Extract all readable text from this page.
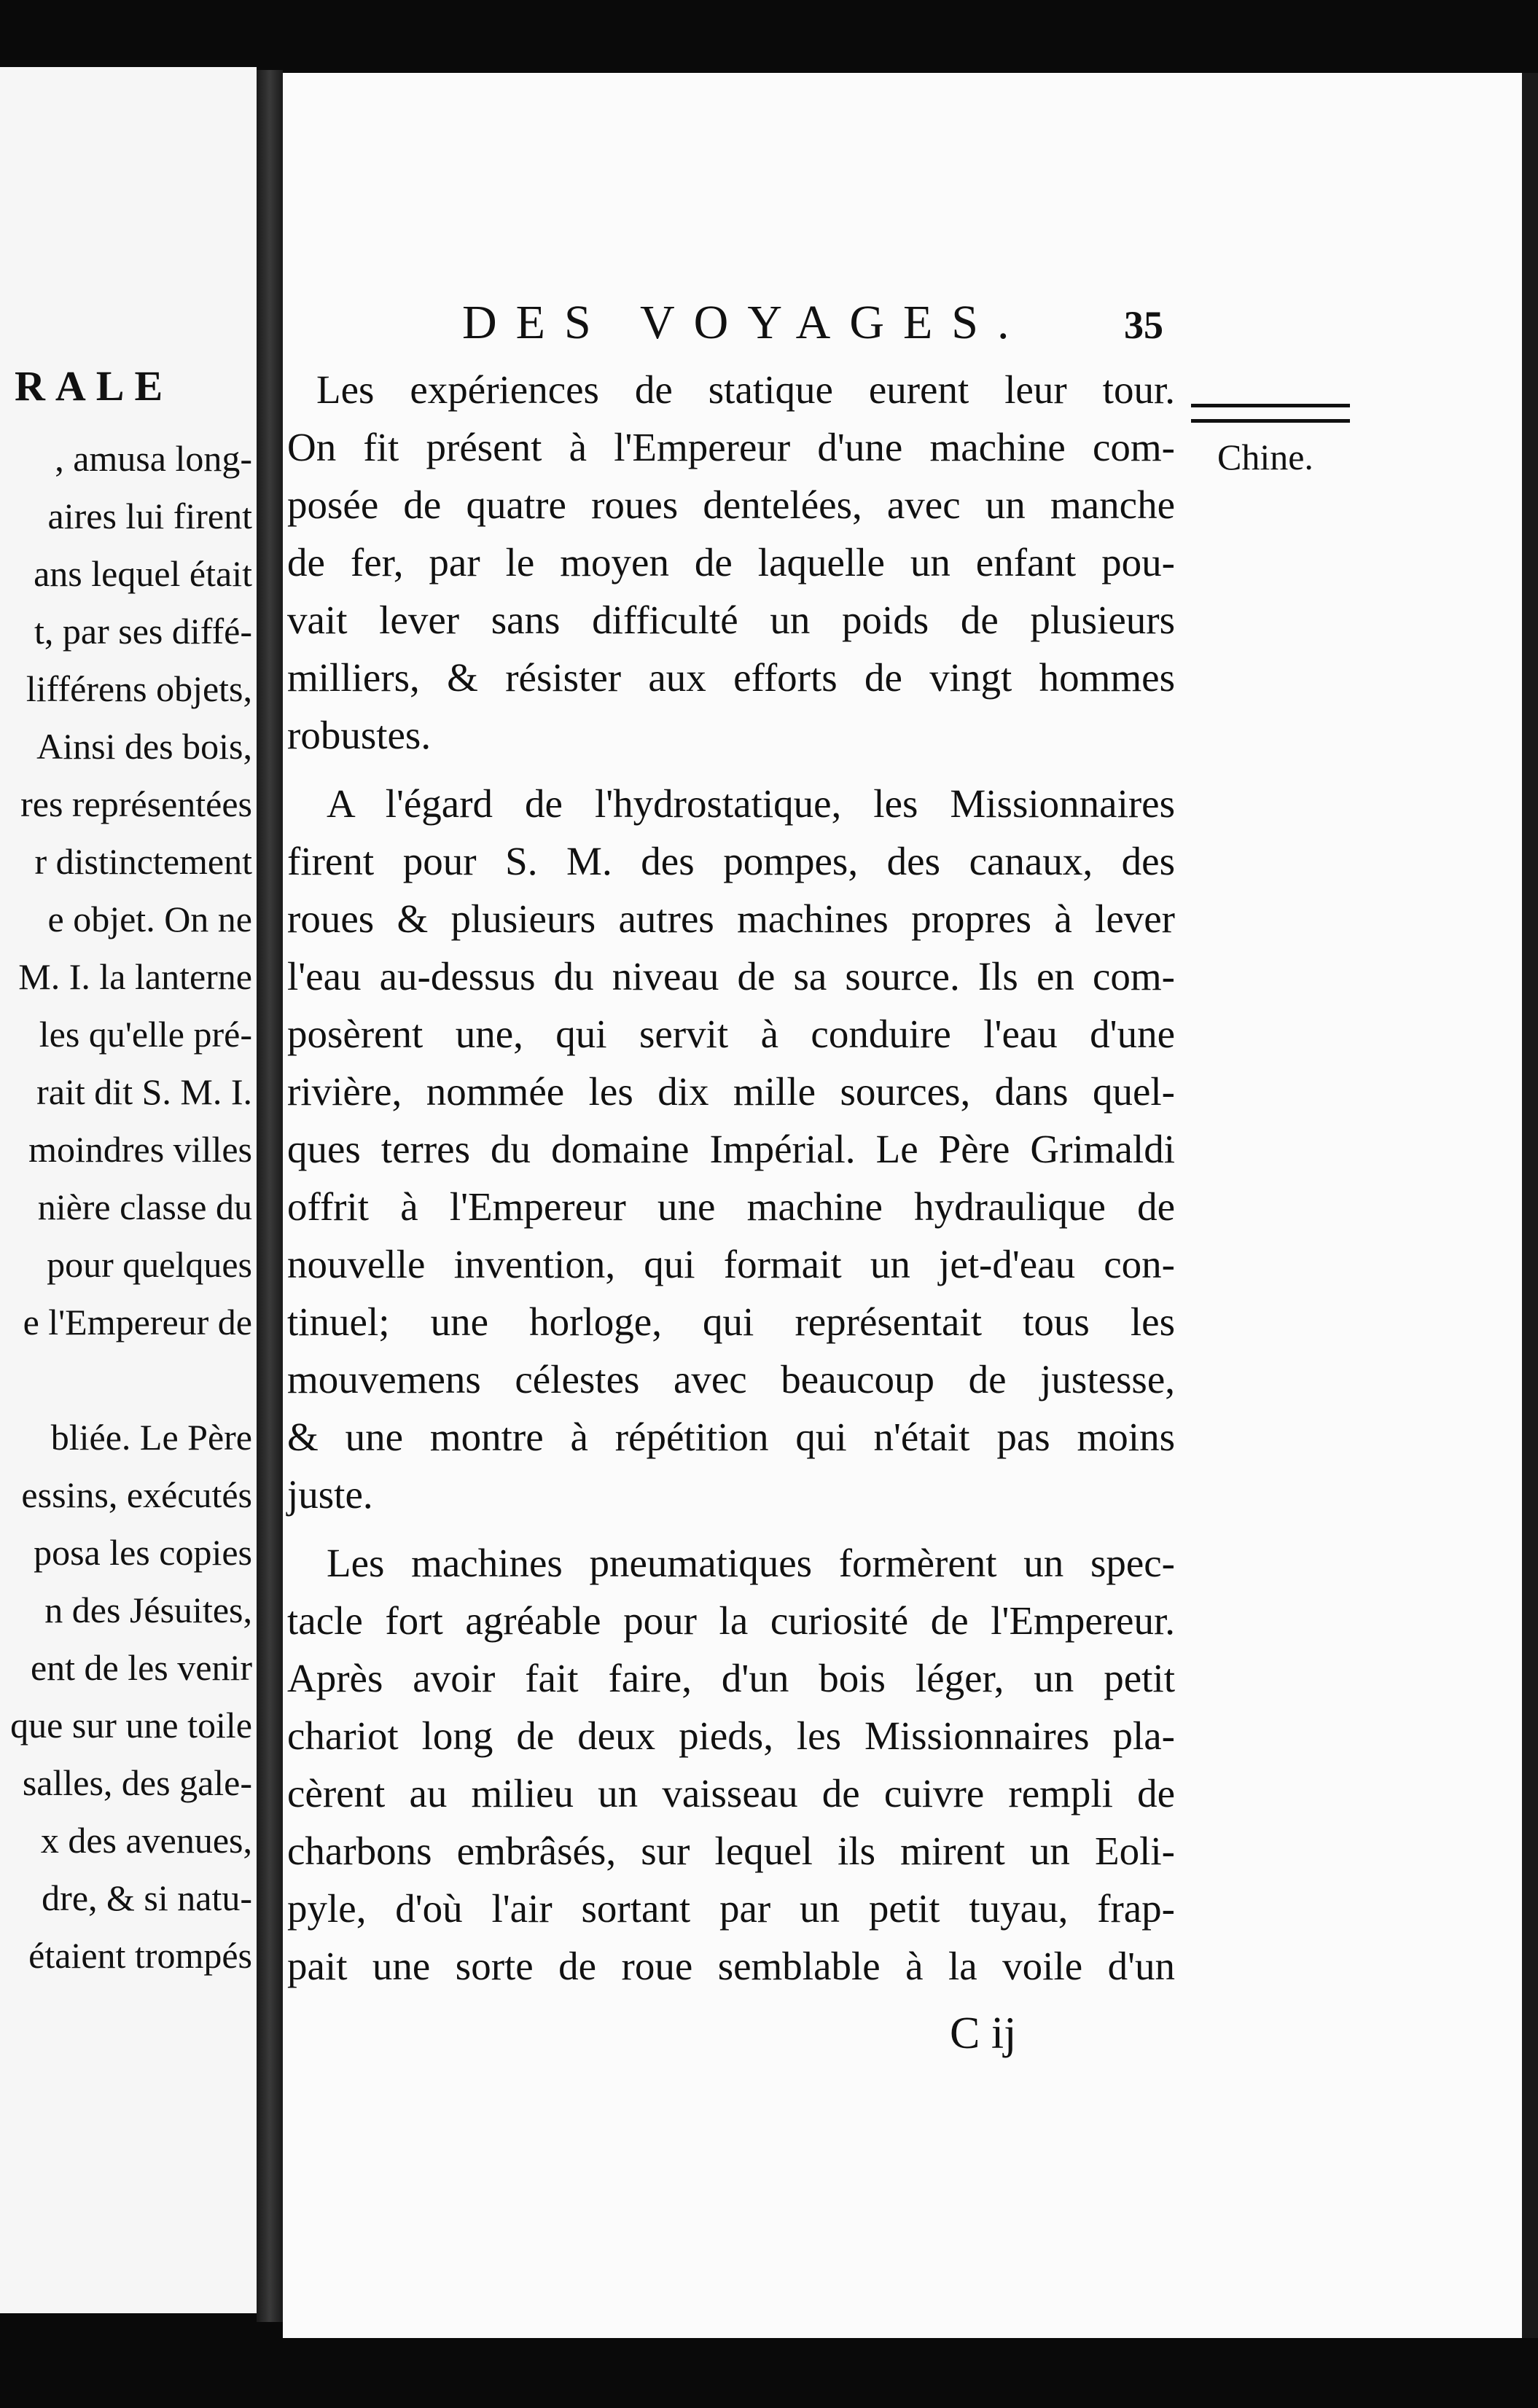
RALE
, amusa long-
aires lui firent
ans lequel était
t, par ses diffé-
lifférens objets,
Ainsi des bois,
res représentées
r distinctement
e objet. On ne
M. I. la lanterne
les qu'elle pré-
rait dit S. M. I.
moindres villes
nière classe du
pour quelques
e l'Empereur de
bliée. Le Père
essins, exécutés
posa les copies
n des Jésuites,
ent de les venir
que sur une toile
salles, des gale-
x des avenues,
dre, & si natu-
étaient trompés
DES VOYAGES. 35
Chine.
Les expériences de statique eurent leur tour.
On fit présent à l'Empereur d'une machine com-
posée de quatre roues dentelées, avec un manche
de fer, par le moyen de laquelle un enfant pou-
vait lever sans difficulté un poids de plusieurs
milliers, & résister aux efforts de vingt hommes
robustes.
A l'égard de l'hydrostatique, les Missionnaires
firent pour S. M. des pompes, des canaux, des
roues & plusieurs autres machines propres à lever
l'eau au-dessus du niveau de sa source. Ils en com-
posèrent une, qui servit à conduire l'eau d'une
rivière, nommée les dix mille sources, dans quel-
ques terres du domaine Impérial. Le Père Grimaldi
offrit à l'Empereur une machine hydraulique de
nouvelle invention, qui formait un jet-d'eau con-
tinuel; une horloge, qui représentait tous les
mouvemens célestes avec beaucoup de justesse,
& une montre à répétition qui n'était pas moins
juste.
Les machines pneumatiques formèrent un spec-
tacle fort agréable pour la curiosité de l'Empereur.
Après avoir fait faire, d'un bois léger, un petit
chariot long de deux pieds, les Missionnaires pla-
cèrent au milieu un vaisseau de cuivre rempli de
charbons embrâsés, sur lequel ils mirent un Eoli-
pyle, d'où l'air sortant par un petit tuyau, frap-
pait une sorte de roue semblable à la voile d'un
C ij
